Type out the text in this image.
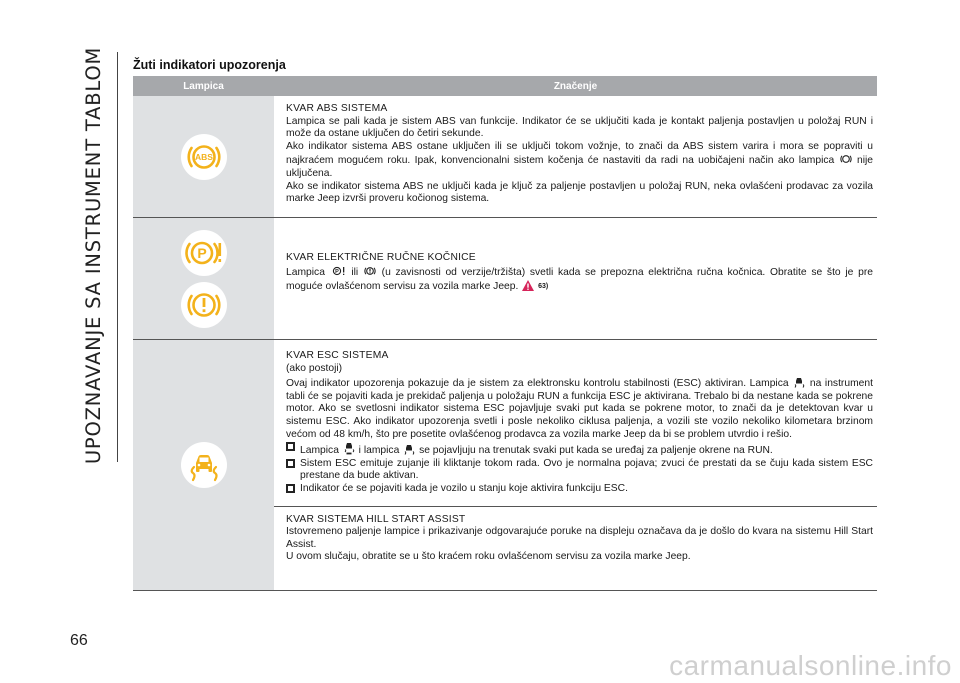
UPOZNAVANJE SA INSTRUMENT TABLOM Žuti indikatori upozorenja
Lampica	Značenje
ABS

KVAR ABS SISTEMA

Lampica se pali kada je sistem ABS van funkcije. Indikator će se uključiti kada je kontakt paljenja postavljen u položaj RUN i može da ostane uključen do četiri sekunde.

Ako indikator sistema ABS ostane uključen ili se uključi tokom vožnje, to znači da ABS sistem varira i mora se popraviti u najkraćem mogućem roku. Ipak, konvencionalni sistem kočenja će nastaviti da radi na uobičajeni način ako lampica nije uključena.

Ako se indikator sistema ABS ne uključi kada je ključ za paljenje postavljen u položaj RUN, neka ovlašćeni prodavac za vozila marke Jeep izvrši proveru kočionog sistema.

P	KVAR ELEKTRIČNE RUČNE KOČNICE

Lampica P ili (u zavisnosti od verzije/tržišta) svetli kada se prepozna električna ručna kočnica. Obratite se što je pre moguće ovlašćenom servisu za vozila marke Jeep.	63)

KVAR ESC SISTEMA

(ako postoji)

Ovaj indikator upozorenja pokazuje da je sistem za elektronsku kontrolu stabilnosti (ESC) aktiviran. Lampica na instrument tabli će se pojaviti kada je prekidač paljenja u položaju RUN a funkcija ESC je aktivirana. Trebalo bi da nestane kada se pokrene motor. Ako se svetlosni indikator sistema ESC pojavljuje svaki put kada se pokrene motor, to znači da je detektovan kvar u sistemu ESC. Ako indikator upozorenja svetli i posle nekoliko ciklusa paljenja, a vozili ste vozilo nekoliko kilometara brzinom većom od 48 km/h, što pre posetite ovlašćenog prodavca za vozila marke Jeep da bi se problem utvrdio i rešio.

Lampica i lampica se pojavljuju na trenutak svaki put kada se uređaj za paljenje okrene na RUN.
Sistem ESC emituje zujanje ili kliktanje tokom rada. Ovo je normalna pojava; zvuci će prestati da se čuju kada sistem ESC prestane da bude aktivan.
Indikator će se pojaviti kada je vozilo u stanju koje aktivira funkciju ESC.

KVAR SISTEMA HILL START ASSIST

Istovremeno paljenje lampice i prikazivanje odgovarajuće poruke na displeju označava da je došlo do kvara na sistemu Hill Start Assist.

U ovom slučaju, obratite se u što kraćem roku ovlašćenom servisu za vozila marke Jeep.

66
carmanualsonline.info
